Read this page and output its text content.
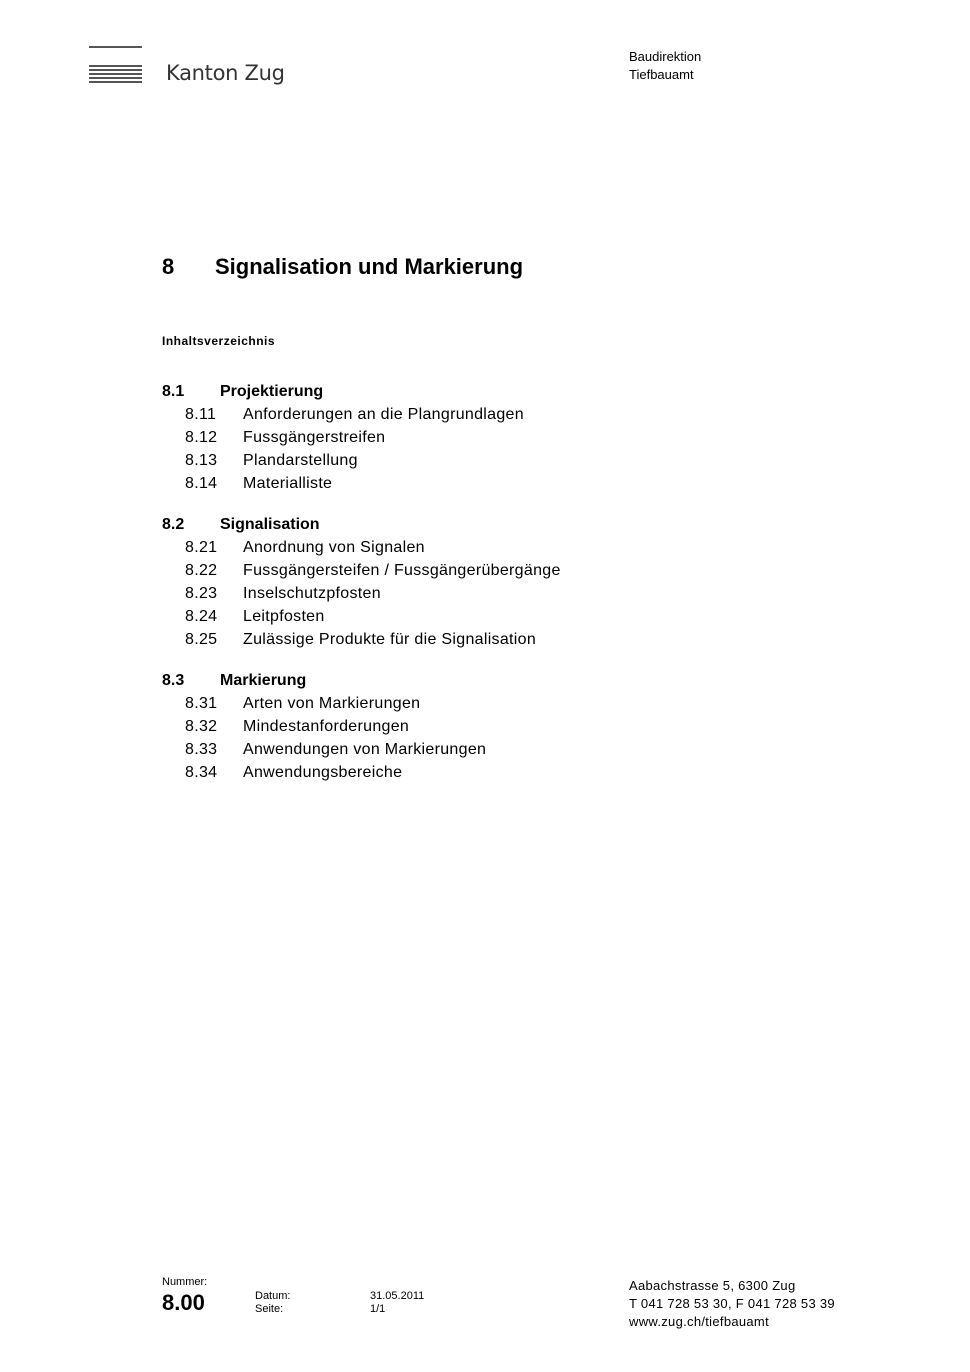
Kanton Zug
Baudirektion
Tiefbauamt
8 Signalisation und Markierung
Inhaltsverzeichnis
8.1 Projektierung
8.11 Anforderungen an die Plangrundlagen
8.12 Fussgängerstreifen
8.13 Plandarstellung
8.14 Materialliste
8.2 Signalisation
8.21 Anordnung von Signalen
8.22 Fussgängersteifen / Fussgängerübergänge
8.23 Inselschutzpfosten
8.24 Leitpfosten
8.25 Zulässige Produkte für die Signalisation
8.3 Markierung
8.31 Arten von Markierungen
8.32 Mindestanforderungen
8.33 Anwendungen von Markierungen
8.34 Anwendungsbereiche
Nummer:
8.00	Datum:	31.05.2011
Seite:	1/1
Aabachstrasse 5, 6300 Zug
T 041 728 53 30, F 041 728 53 39
www.zug.ch/tiefbauamt
